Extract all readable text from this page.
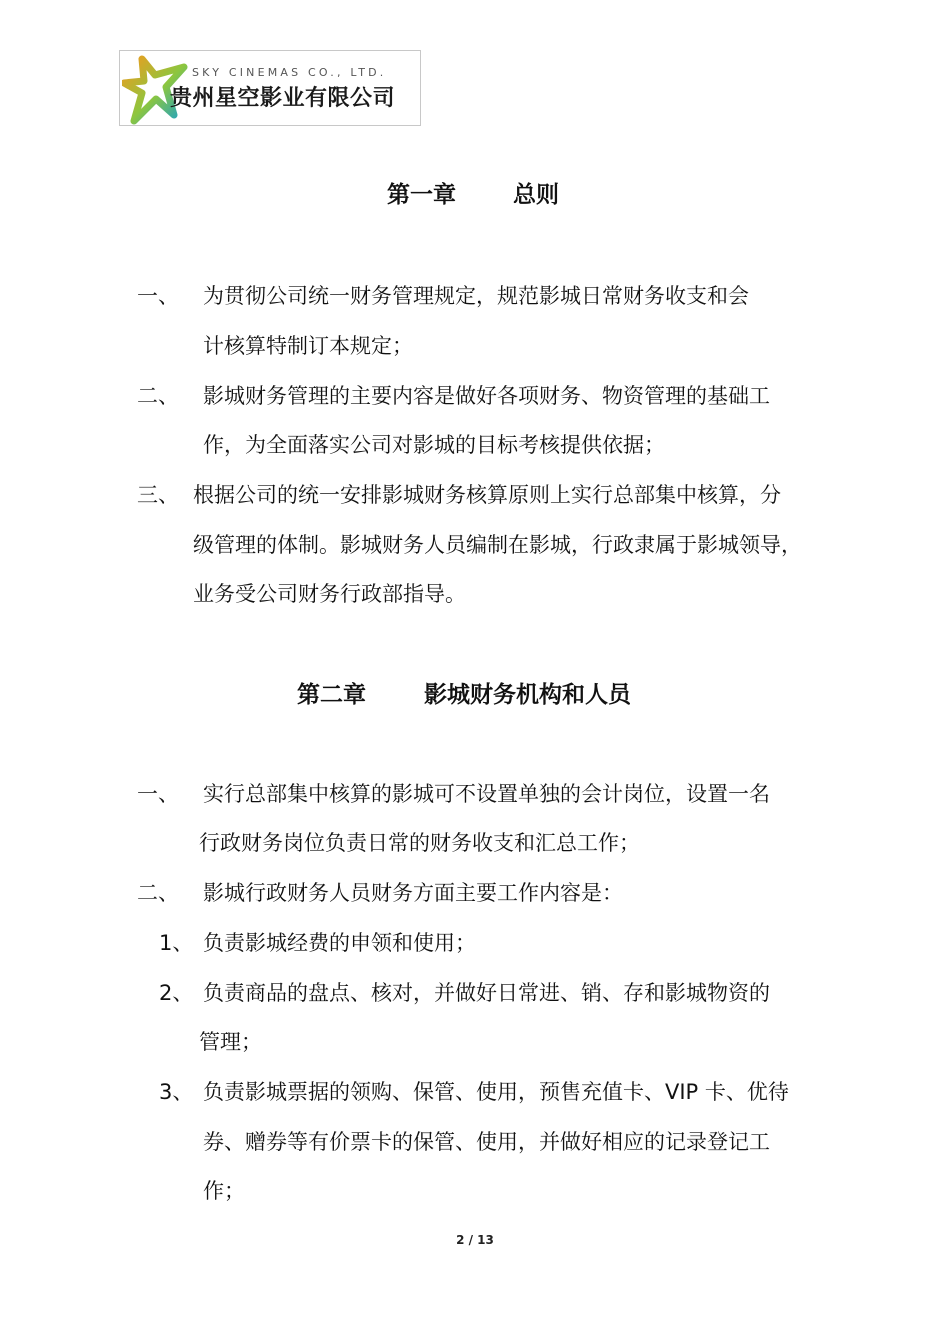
SKY CINEMAS CO., LTD.
贵州星空影业有限公司
第一章 总则
一、 为贯彻公司统一财务管理规定，规范影城日常财务收支和会
计核算特制订本规定；
二、 影城财务管理的主要内容是做好各项财务、物资管理的基础工
作，为全面落实公司对影城的目标考核提供依据；
三、 根据公司的统一安排影城财务核算原则上实行总部集中核算，分
级管理的体制。影城财务人员编制在影城，行政隶属于影城领导，
业务受公司财务行政部指导。
第二章	影城财务机构和人员
一、 实行总部集中核算的影城可不设置单独的会计岗位，设置一名
行政财务岗位负责日常的财务收支和汇总工作；
二、 影城行政财务人员财务方面主要工作内容是：
1、 负责影城经费的申领和使用；
2、 负责商品的盘点、核对，并做好日常进、销、存和影城物资的
管理；
3、 负责影城票据的领购、保管、使用，预售充值卡、VIP 卡、优待
券、赠券等有价票卡的保管、使用，并做好相应的记录登记工
作；
2 / 13
